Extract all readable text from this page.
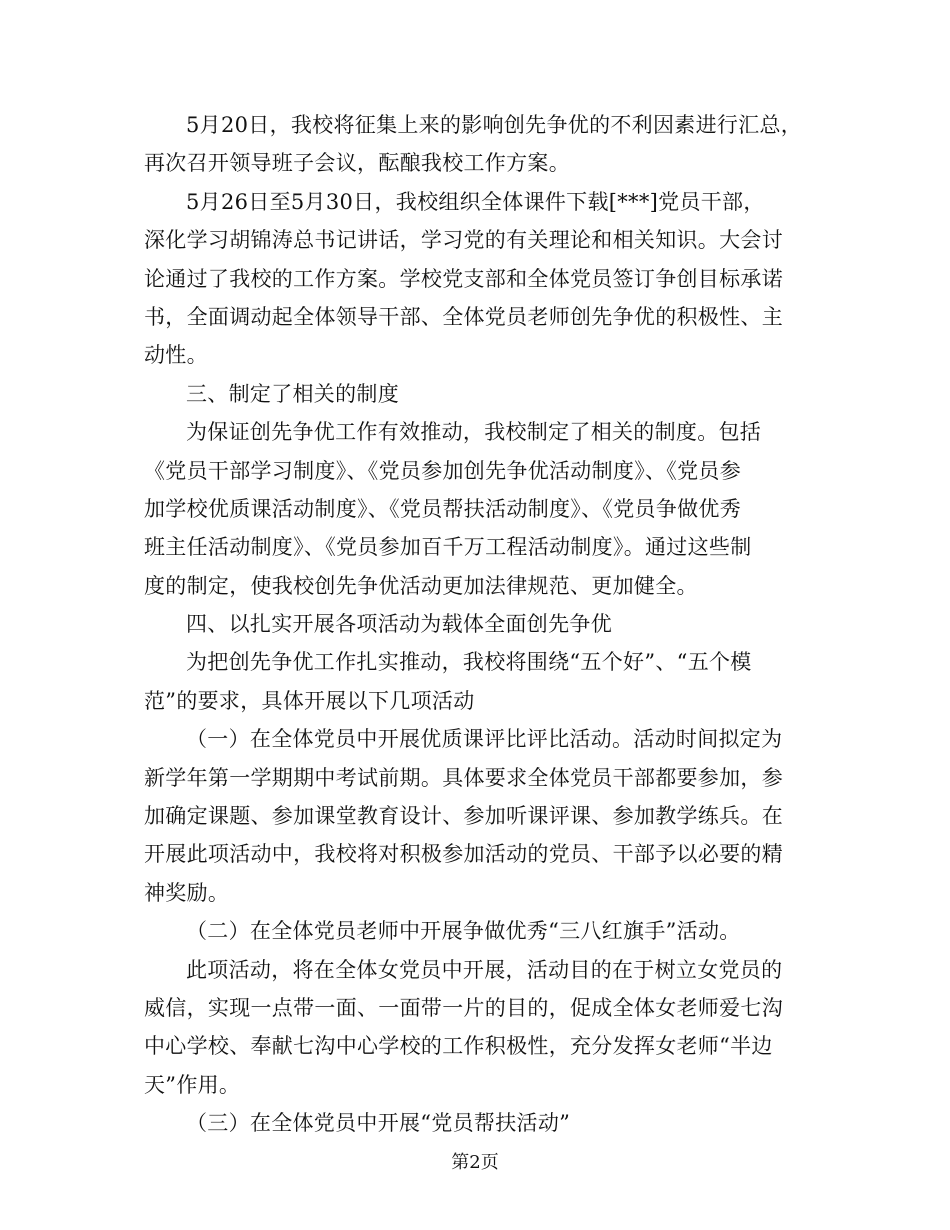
5月20日，我校将征集上来的影响创先争优的不利因素进行汇总，
再次召开领导班子会议，酝酿我校工作方案。
5月26日至5月30日，我校组织全体课件下载[***]党员干部，
深化学习胡锦涛总书记讲话，学习党的有关理论和相关知识。大会讨
论通过了我校的工作方案。学校党支部和全体党员签订争创目标承诺
书，全面调动起全体领导干部、全体党员老师创先争优的积极性、主
动性。
三、制定了相关的制度
为保证创先争优工作有效推动，我校制定了相关的制度。包括
《党员干部学习制度》、《党员参加创先争优活动制度》、《党员参
加学校优质课活动制度》、《党员帮扶活动制度》、《党员争做优秀
班主任活动制度》、《党员参加百千万工程活动制度》。通过这些制
度的制定，使我校创先争优活动更加法律规范、更加健全。
四、以扎实开展各项活动为载体全面创先争优
为把创先争优工作扎实推动，我校将围绕“五个好”、“五个模
范”的要求，具体开展以下几项活动
（一）在全体党员中开展优质课评比评比活动。活动时间拟定为
新学年第一学期期中考试前期。具体要求全体党员干部都要参加，参
加确定课题、参加课堂教育设计、参加听课评课、参加教学练兵。在
开展此项活动中，我校将对积极参加活动的党员、干部予以必要的精
神奖励。
（二）在全体党员老师中开展争做优秀“三八红旗手”活动。
此项活动，将在全体女党员中开展，活动目的在于树立女党员的
威信，实现一点带一面、一面带一片的目的，促成全体女老师爱七沟
中心学校、奉献七沟中心学校的工作积极性，充分发挥女老师“半边
天”作用。
（三）在全体党员中开展“党员帮扶活动”
第2页
